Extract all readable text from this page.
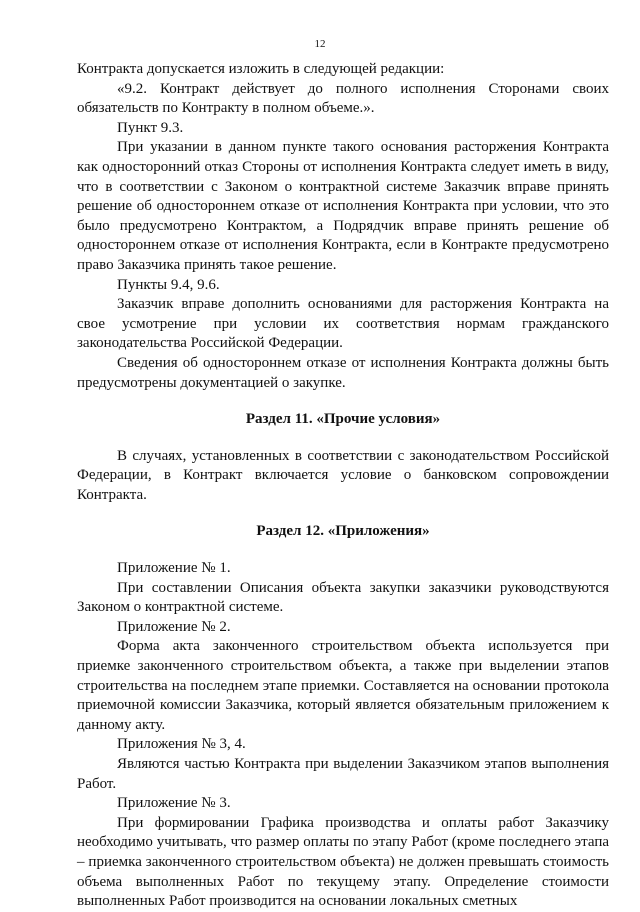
12

Контракта допускается изложить в следующей редакции:

«9.2. Контракт действует до полного исполнения Сторонами своих обязательств по Контракту в полном объеме.».

Пункт 9.3.

При указании в данном пункте такого основания расторжения Контракта как односторонний отказ Стороны от исполнения Контракта следует иметь в виду, что в соответствии с Законом о контрактной системе Заказчик вправе принять решение об одностороннем отказе от исполнения Контракта при условии, что это было предусмотрено Контрактом, а Подрядчик вправе принять решение об одностороннем отказе от исполнения Контракта, если в Контракте предусмотрено право Заказчика принять такое решение.

Пункты 9.4, 9.6.

Заказчик вправе дополнить основаниями для расторжения Контракта на свое усмотрение при условии их соответствия нормам гражданского законодательства Российской Федерации.

Сведения об одностороннем отказе от исполнения Контракта должны быть предусмотрены документацией о закупке.

Раздел 11. «Прочие условия»

В случаях, установленных в соответствии с законодательством Российской Федерации, в Контракт включается условие о банковском сопровождении Контракта.

Раздел 12. «Приложения»

Приложение № 1.

При составлении Описания объекта закупки заказчики руководствуются Законом о контрактной системе.

Приложение № 2.

Форма акта законченного строительством объекта используется при приемке законченного строительством объекта, а также при выделении этапов строительства на последнем этапе приемки. Составляется на основании протокола приемочной комиссии Заказчика, который является обязательным приложением к данному акту.

Приложения № 3, 4.

Являются частью Контракта при выделении Заказчиком этапов выполнения Работ.

Приложение № 3.

При формировании Графика производства и оплаты работ Заказчику необходимо учитывать, что размер оплаты по этапу Работ (кроме последнего этапа – приемка законченного строительством объекта) не должен превышать стоимость объема выполненных Работ по текущему этапу. Определение стоимости выполненных Работ производится на основании локальных сметных
